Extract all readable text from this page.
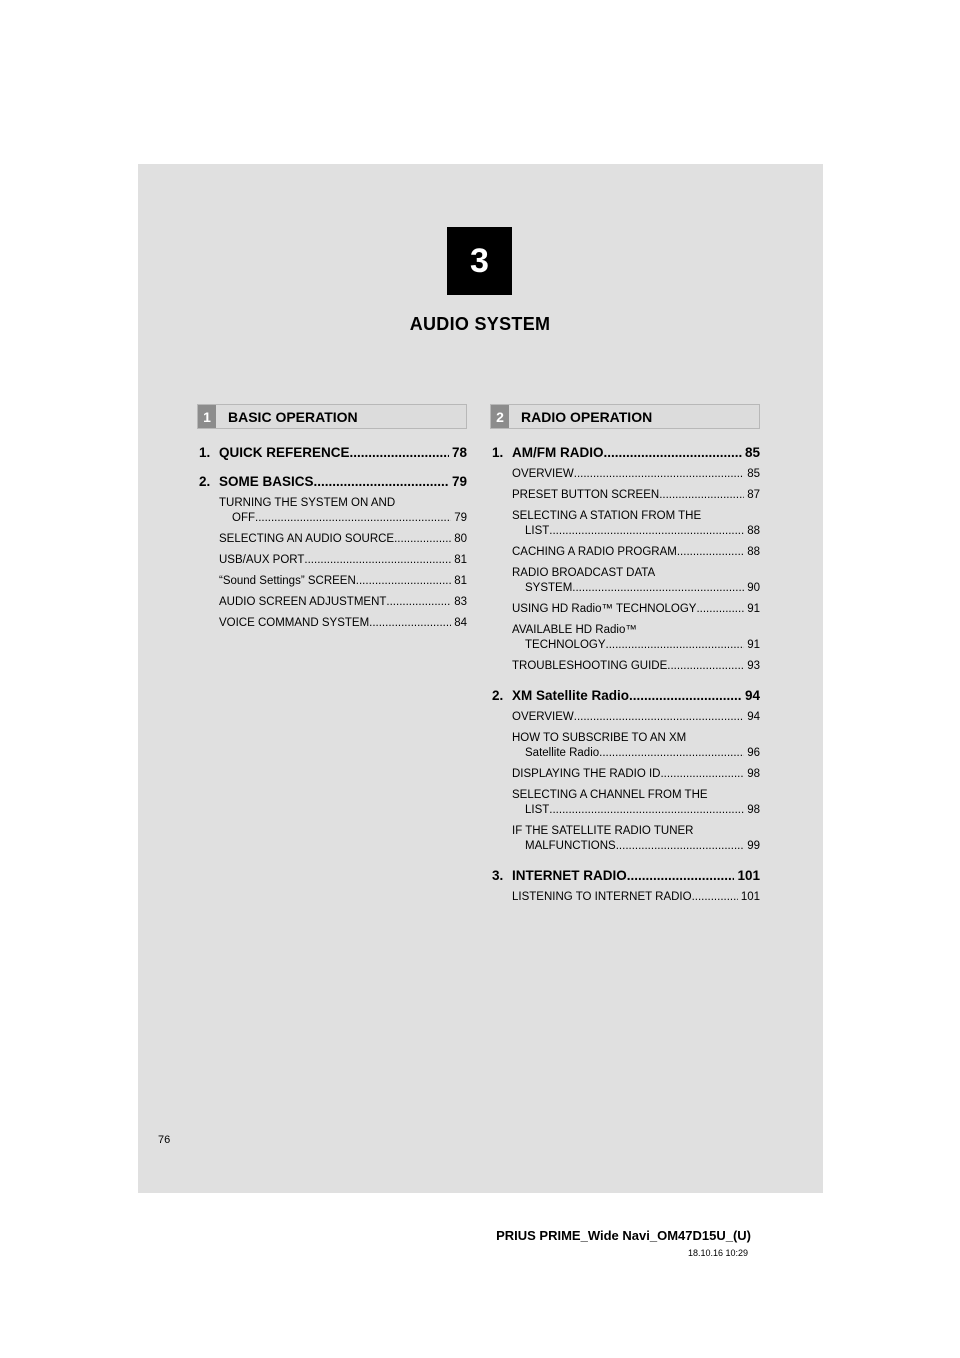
3
AUDIO SYSTEM
1	BASIC OPERATION	2	RADIO OPERATION
1. QUICK REFERENCE .....	78
2. SOME BASICS .....	79
TURNING THE SYSTEM ON AND
OFF .....	79
SELECTING AN AUDIO SOURCE .....	80
USB/AUX PORT .....	81
“Sound Settings” SCREEN .....	81
AUDIO SCREEN ADJUSTMENT .....	83
VOICE COMMAND SYSTEM .....	84
1. AM/FM RADIO .....	85
OVERVIEW .....	85
PRESET BUTTON SCREEN .....	87
SELECTING A STATION FROM THE
LIST .....	88
CACHING A RADIO PROGRAM .....	88
RADIO BROADCAST DATA
SYSTEM .....	90
USING HD Radio™ TECHNOLOGY .....	91
AVAILABLE HD Radio™
TECHNOLOGY .....	91
TROUBLESHOOTING GUIDE .....	93
2. XM Satellite Radio .....	94
OVERVIEW .....	94
HOW TO SUBSCRIBE TO AN XM
Satellite Radio .....	96
DISPLAYING THE RADIO ID .....	98
SELECTING A CHANNEL FROM THE
LIST .....	98
IF THE SATELLITE RADIO TUNER
MALFUNCTIONS .....	99
3. INTERNET RADIO .....	101
LISTENING TO INTERNET RADIO .....	101
76
PRIUS PRIME_Wide Navi_OM47D15U_(U)
18.10.16 10:29
